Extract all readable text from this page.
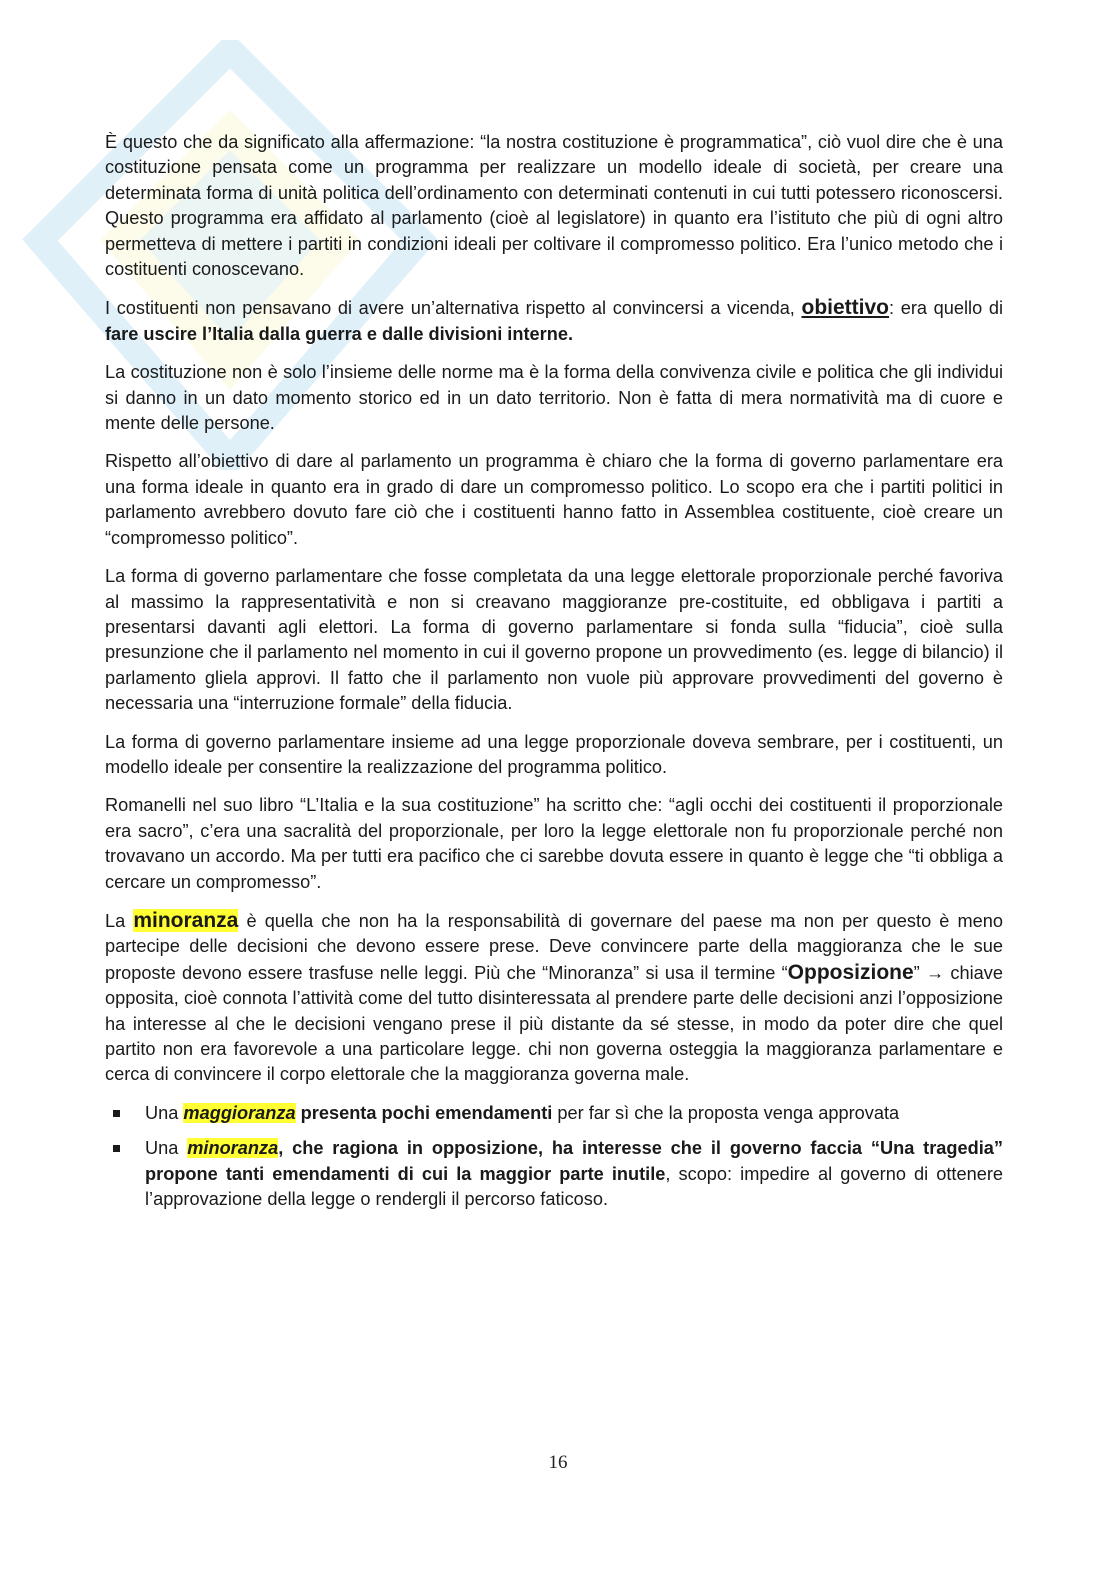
È questo che da significato alla affermazione: “la nostra costituzione è programmatica”, ciò vuol dire che è una costituzione pensata come un programma per realizzare un modello ideale di società, per creare una determinata forma di unità politica dell’ordinamento con determinati contenuti in cui tutti potessero riconoscersi. Questo programma era affidato al parlamento (cioè al legislatore) in quanto era l’istituto che più di ogni altro permetteva di mettere i partiti in condizioni ideali per coltivare il compromesso politico. Era l’unico metodo che i costituenti conoscevano.

I costituenti non pensavano di avere un’alternativa rispetto al convincersi a vicenda, obiettivo: era quello di fare uscire l’Italia dalla guerra e dalle divisioni interne.

La costituzione non è solo l’insieme delle norme ma è la forma della convivenza civile e politica che gli individui si danno in un dato momento storico ed in un dato territorio. Non è fatta di mera normatività ma di cuore e mente delle persone.

Rispetto all’obiettivo di dare al parlamento un programma è chiaro che la forma di governo parlamentare era una forma ideale in quanto era in grado di dare un compromesso politico. Lo scopo era che i partiti politici in parlamento avrebbero dovuto fare ciò che i costituenti hanno fatto in Assemblea costituente, cioè creare un “compromesso politico”.

La forma di governo parlamentare che fosse completata da una legge elettorale proporzionale perché favoriva al massimo la rappresentatività e non si creavano maggioranze pre-costituite, ed obbligava i partiti a presentarsi davanti agli elettori. La forma di governo parlamentare si fonda sulla “fiducia”, cioè sulla presunzione che il parlamento nel momento in cui il governo propone un provvedimento (es. legge di bilancio) il parlamento gliela approvi. Il fatto che il parlamento non vuole più approvare provvedimenti del governo è necessaria una “interruzione formale” della fiducia.

La forma di governo parlamentare insieme ad una legge proporzionale doveva sembrare, per i costituenti, un modello ideale per consentire la realizzazione del programma politico.

Romanelli nel suo libro “L’Italia e la sua costituzione” ha scritto che: “agli occhi dei costituenti il proporzionale era sacro”, c’era una sacralità del proporzionale, per loro la legge elettorale non fu proporzionale perché non trovavano un accordo. Ma per tutti era pacifico che ci sarebbe dovuta essere in quanto è legge che “ti obbliga a cercare un compromesso”.

La minoranza è quella che non ha la responsabilità di governare del paese ma non per questo è meno partecipe delle decisioni che devono essere prese. Deve convincere parte della maggioranza che le sue proposte devono essere trasfuse nelle leggi. Più che “Minoranza” si usa il termine “Opposizione” → chiave opposita, cioè connota l’attività come del tutto disinteressata al prendere parte delle decisioni anzi l’opposizione ha interesse al che le decisioni vengano prese il più distante da sé stesse, in modo da poter dire che quel partito non era favorevole a una particolare legge. chi non governa osteggia la maggioranza parlamentare e cerca di convincere il corpo elettorale che la maggioranza governa male.

Una maggioranza presenta pochi emendamenti per far sì che la proposta venga approvata
Una minoranza, che ragiona in opposizione, ha interesse che il governo faccia “Una tragedia” propone tanti emendamenti di cui la maggior parte inutile, scopo: impedire al governo di ottenere l’approvazione della legge o rendergli il percorso faticoso.
16
